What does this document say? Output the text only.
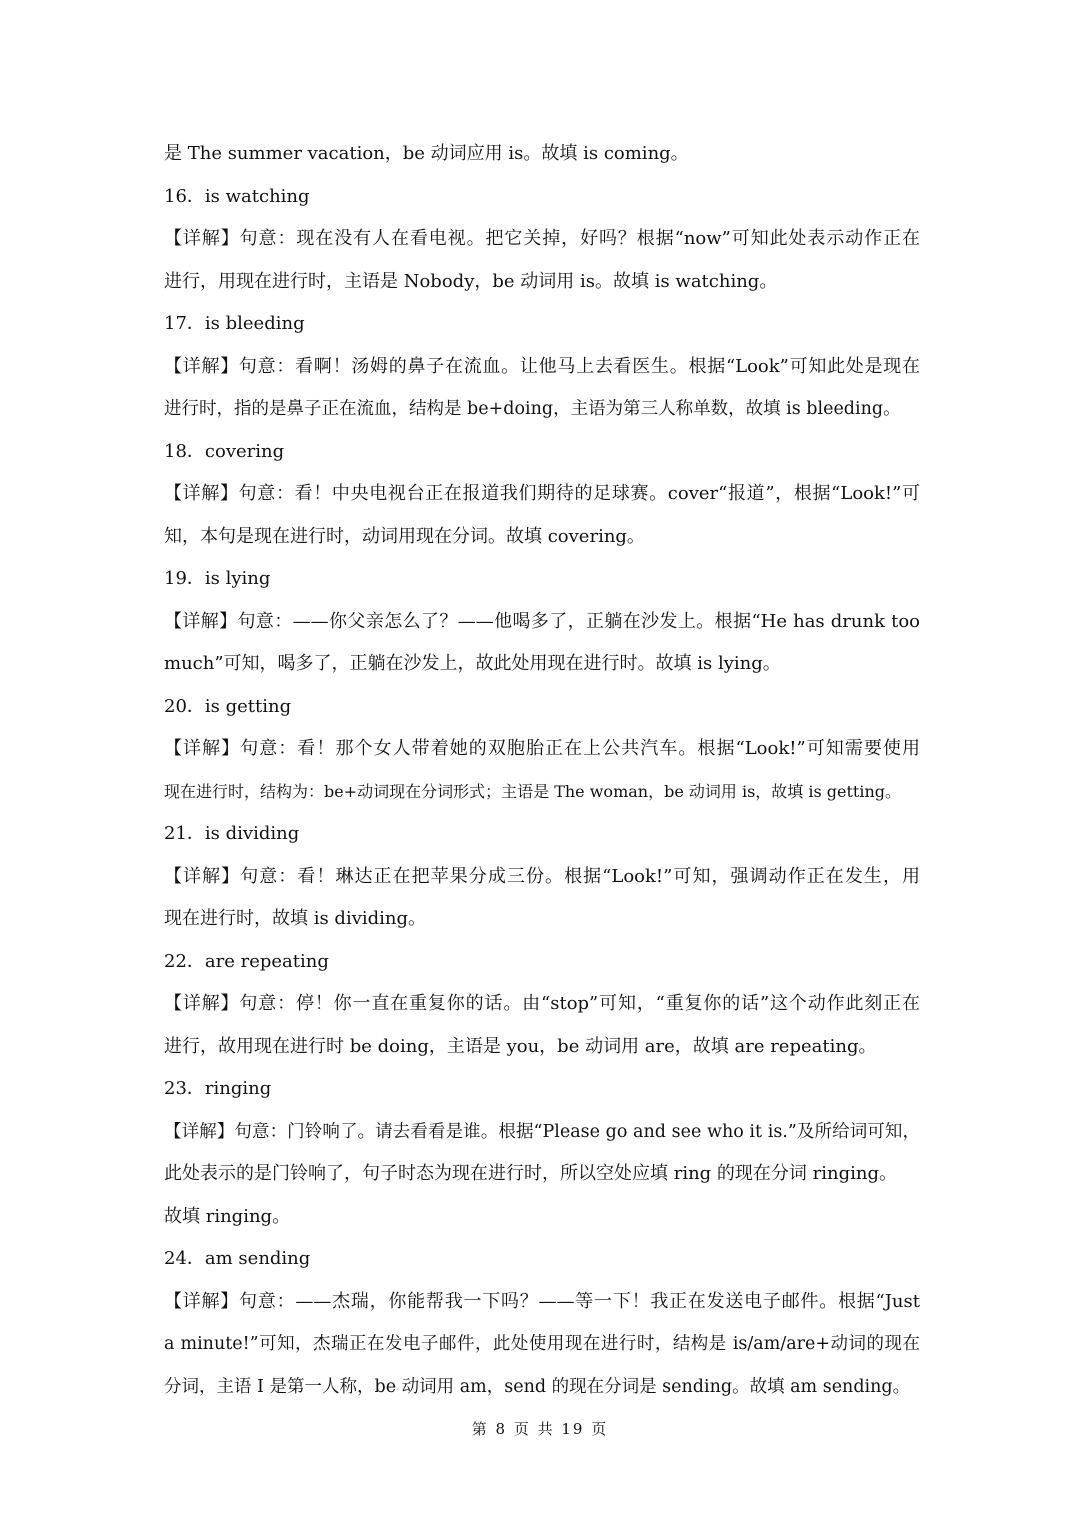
是 The summer vacation，be 动词应用 is。故填 is coming。
16．is watching
【详解】句意：现在没有人在看电视。把它关掉，好吗？根据“now”可知此处表示动作正在
进行，用现在进行时，主语是 Nobody，be 动词用 is。故填 is watching。
17．is bleeding
【详解】句意：看啊！汤姆的鼻子在流血。让他马上去看医生。根据“Look”可知此处是现在
进行时，指的是鼻子正在流血，结构是 be+doing，主语为第三人称单数，故填 is bleeding。
18．covering
【详解】句意：看！中央电视台正在报道我们期待的足球赛。cover“报道”，根据“Look!”可
知，本句是现在进行时，动词用现在分词。故填 covering。
19．is lying
【详解】句意：——你父亲怎么了？——他喝多了，正躺在沙发上。根据“He has drunk too
much”可知，喝多了，正躺在沙发上，故此处用现在进行时。故填 is lying。
20．is getting
【详解】句意：看！那个女人带着她的双胞胎正在上公共汽车。根据“Look!”可知需要使用
现在进行时，结构为：be+动词现在分词形式；主语是 The woman，be 动词用 is，故填 is getting。
21．is dividing
【详解】句意：看！琳达正在把苹果分成三份。根据“Look!”可知，强调动作正在发生，用
现在进行时，故填 is dividing。
22．are repeating
【详解】句意：停！你一直在重复你的话。由“stop”可知，“重复你的话”这个动作此刻正在
进行，故用现在进行时 be doing，主语是 you，be 动词用 are，故填 are repeating。
23．ringing
【详解】句意：门铃响了。请去看看是谁。根据“Please go and see who it is.”及所给词可知，
此处表示的是门铃响了，句子时态为现在进行时，所以空处应填 ring 的现在分词 ringing。
故填 ringing。
24．am sending
【详解】句意：——杰瑞，你能帮我一下吗？——等一下！我正在发送电子邮件。根据“Just
a minute!”可知，杰瑞正在发电子邮件，此处使用现在进行时，结构是 is/am/are+动词的现在
分词，主语 I 是第一人称，be 动词用 am，send 的现在分词是 sending。故填 am sending。
第 8 页 共 19 页
